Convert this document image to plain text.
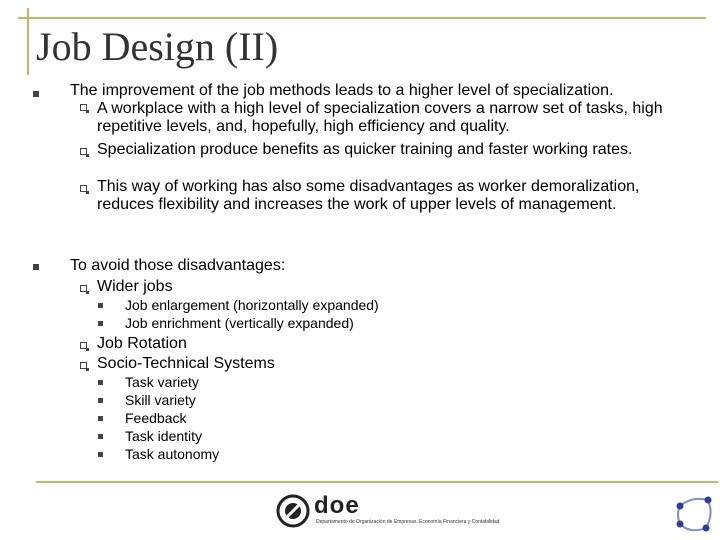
Job Design (II)
The improvement of the job methods leads to a higher level of specialization.
A workplace with a high level of specialization covers a narrow set of tasks, high repetitive levels, and, hopefully, high efficiency and quality.
Specialization produce benefits as quicker training and faster working rates.
This way of working has also some disadvantages as worker demoralization, reduces flexibility and increases the work of upper levels of management.
To avoid those disadvantages:
Wider jobs
Job enlargement (horizontally expanded)
Job enrichment (vertically expanded)
Job Rotation
Socio-Technical Systems
Task variety
Skill variety
Feedback
Task identity
Task autonomy
doe
Departamento de Organización de Empresas, Economía Financiera y Contabilidad
